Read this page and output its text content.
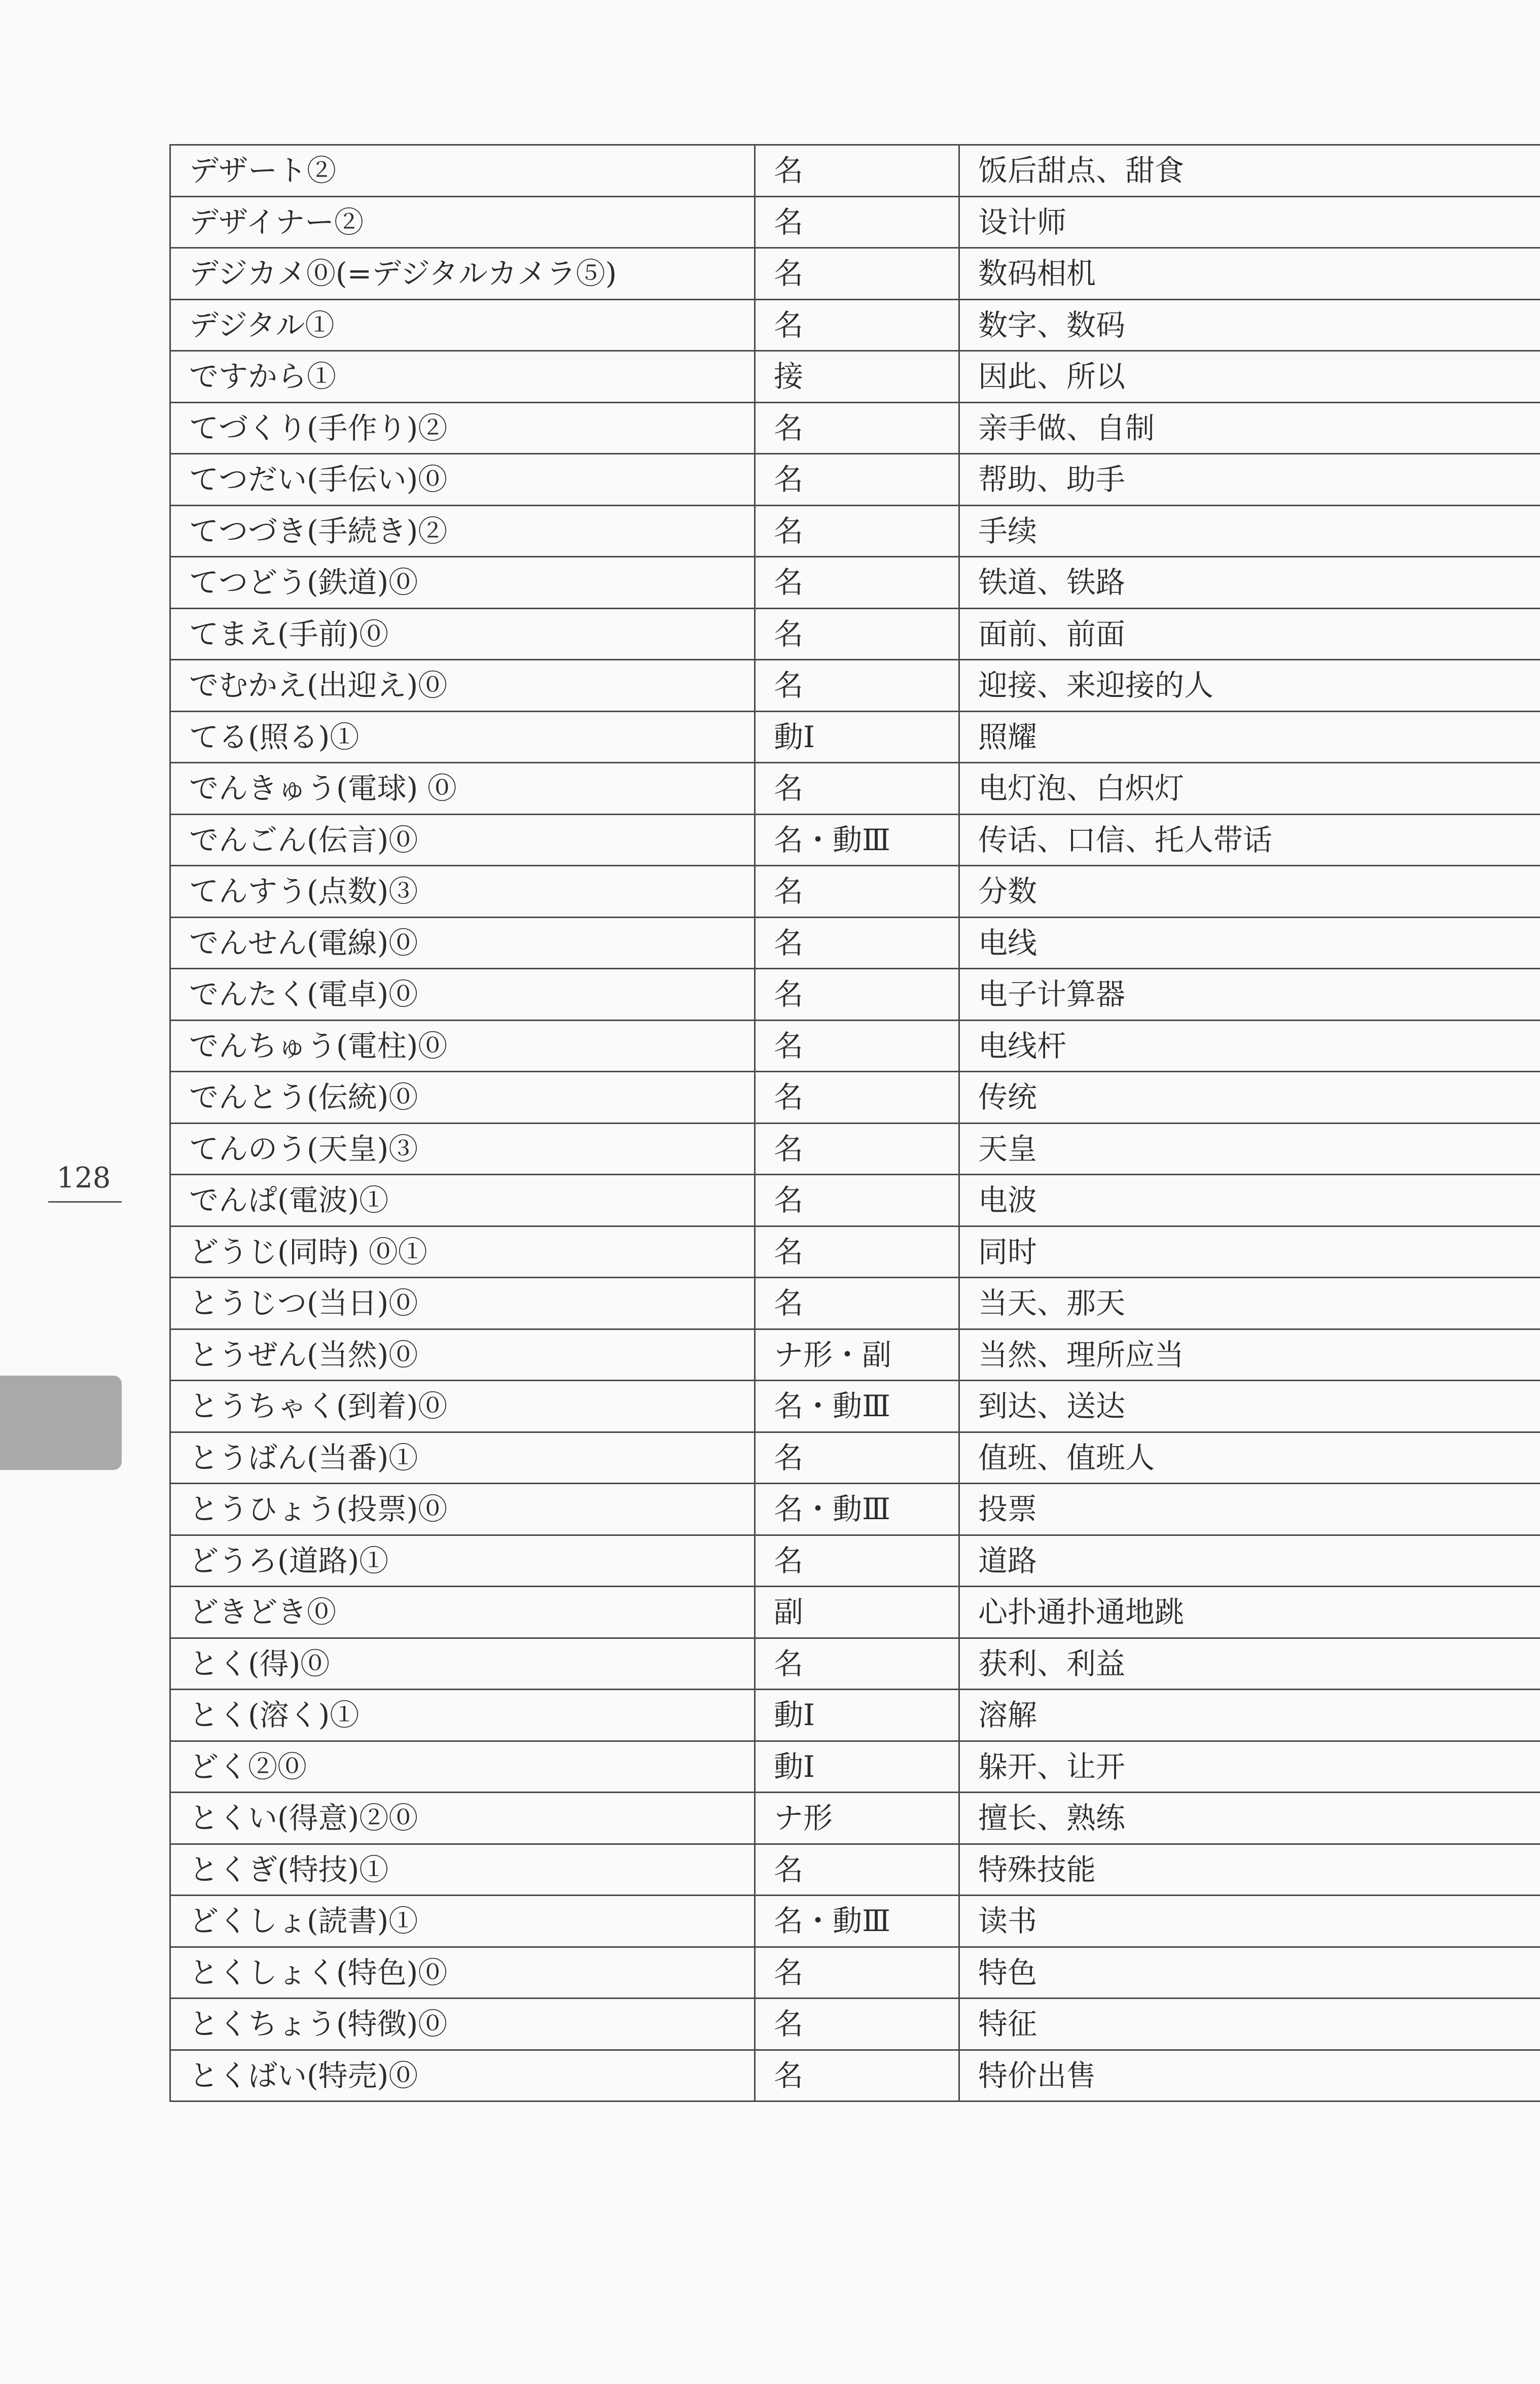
128
デザート②	名	饭后甜点、甜食
デザイナー②	名	设计师
デジカメ⓪(=デジタルカメラ⑤)	名	数码相机
デジタル①	名	数字、数码
ですから①	接	因此、所以
てづくり(手作り)②	名	亲手做、自制
てつだい(手伝い)⓪	名	帮助、助手
てつづき(手続き)②	名	手续
てつどう(鉄道)⓪	名	铁道、铁路
てまえ(手前)⓪	名	面前、前面
でむかえ(出迎え)⓪	名	迎接、来迎接的人
てる(照る)①	動Ⅰ	照耀
でんきゅう(電球) ⓪	名	电灯泡、白炽灯
でんごん(伝言)⓪	名・動Ⅲ	传话、口信、托人带话
てんすう(点数)③	名	分数
でんせん(電線)⓪	名	电线
でんたく(電卓)⓪	名	电子计算器
でんちゅう(電柱)⓪	名	电线杆
でんとう(伝統)⓪	名	传统
てんのう(天皇)③	名	天皇
でんぱ(電波)①	名	电波
どうじ(同時) ⓪①	名	同时
とうじつ(当日)⓪	名	当天、那天
とうぜん(当然)⓪	ナ形・副	当然、理所应当
とうちゃく(到着)⓪	名・動Ⅲ	到达、送达
とうばん(当番)①	名	值班、值班人
とうひょう(投票)⓪	名・動Ⅲ	投票
どうろ(道路)①	名	道路
どきどき⓪	副	心扑通扑通地跳
とく(得)⓪	名	获利、利益
とく(溶く)①	動Ⅰ	溶解
どく②⓪	動Ⅰ	躲开、让开
とくい(得意)②⓪	ナ形	擅长、熟练
とくぎ(特技)①	名	特殊技能
どくしょ(読書)①	名・動Ⅲ	读书
とくしょく(特色)⓪	名	特色
とくちょう(特徴)⓪	名	特征
とくばい(特売)⓪	名	特价出售
